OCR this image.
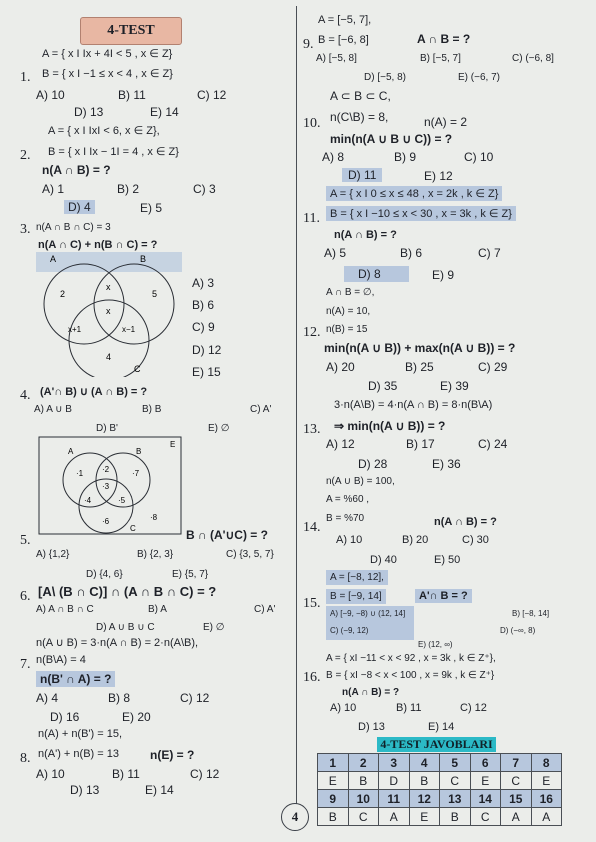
4-TEST
A = { x I Ix + 4I < 5 , x ∈ Z}
1. B = { x I −1 ≤ x < 4 , x ∈ Z}
A) 10	B) 11	C) 12
D) 13	E) 14
A = { x I IxI < 6, x ∈ Z},
2. B = { x I Ix − 1I = 4 , x ∈ Z}
n(A ∩ B) = ?
A) 1	B) 2	C) 3
D) 4	E) 5
3. n(A ∩ B ∩ C) = 3
n(A ∩ C) + n(B ∩ C) = ?
A	B
C
2
x
5
x
x+1	x−1
4
A) 3
B) 6
C) 9
D) 12
E) 15
4. (A'∩ B) ∪ (A ∩ B) = ?
A) A ∪ B	B) B	C) A'
D) B'	E) ∅
E
A	B
C
·1 ·2	·7
·3
·4	·5
·6	·8
B ∩ (A'∪C) = ?
5.
A) {1,2}	B) {2, 3}	C) {3, 5, 7}
D) {4, 6}	E) {5, 7}
6. [A\ (B ∩ C)] ∩ (A ∩ B ∩ C) = ?
A) A ∩ B ∩ C	B) A	C) A'
D) A ∪ B ∪ C	E) ∅
n(A ∪ B) = 3·n(A ∩ B) = 2·n(A\B),
7. n(B\A) = 4
n(B' ∩ A) = ?
A) 4	B) 8	C) 12
D) 16	E) 20
n(A) + n(B') = 15,
8. n(A') + n(B) = 13	n(E) = ?
A) 10	B) 11	C) 12
D) 13	E) 14
A = [−5, 7],
9. B = [−6, 8]	A ∩ B = ?
A) [−5, 8]	B) [−5, 7]	C) (−6, 8]
D) [−5, 8)	E) (−6, 7)
A ⊂ B ⊂ C,
10. n(C\B) = 8,	n(A) = 2
min(n(A ∪ B ∪ C)) = ?
A) 8	B) 9	C) 10
D) 11	E) 12
A = { x I 0 ≤ x ≤ 48 , x = 2k , k ∈ Z}
11. B = { x I −10 ≤ x < 30 , x = 3k , k ∈ Z}
n(A ∩ B) = ?
A) 5	B) 6	C) 7
D) 8	E) 9
A ∩ B = ∅,
n(A) = 10,
12. n(B) = 15
min(n(A ∪ B)) + max(n(A ∪ B)) = ?
A) 20	B) 25	C) 29
D) 35	E) 39
3·n(A\B) = 4·n(A ∩ B) = 8·n(B\A)
13. ⇒ min(n(A ∪ B)) = ?
A) 12	B) 17	C) 24
D) 28	E) 36
n(A ∪ B) = 100,
A = %60 ,
B = %70
14.	n(A ∩ B) = ?
A) 10	B) 20	C) 30
D) 40	E) 50
A = [−8, 12],
15. B = [−9, 14]	A'∩ B = ?
A) [−9, −8) ∪ (12, 14]	B) [−8, 14]
C) (−9, 12)	D) (−∞, 8)
E) (12, ∞)
A = { xI −11 < x < 92 , x = 3k , k ∈ Z⁺},
16. B = { xI −8 < x < 100 , x = 9k , k ∈ Z⁺}
n(A ∩ B) = ?
A) 10	B) 11	C) 12
D) 13	E) 14
4-TEST JAVOBLARI
1	2	3	4	5	6	7	8
E	B	D	B	C	E	C	E
9	10	11	12	13	14	15	16
B	C	A	E	B	C	A	A
4
